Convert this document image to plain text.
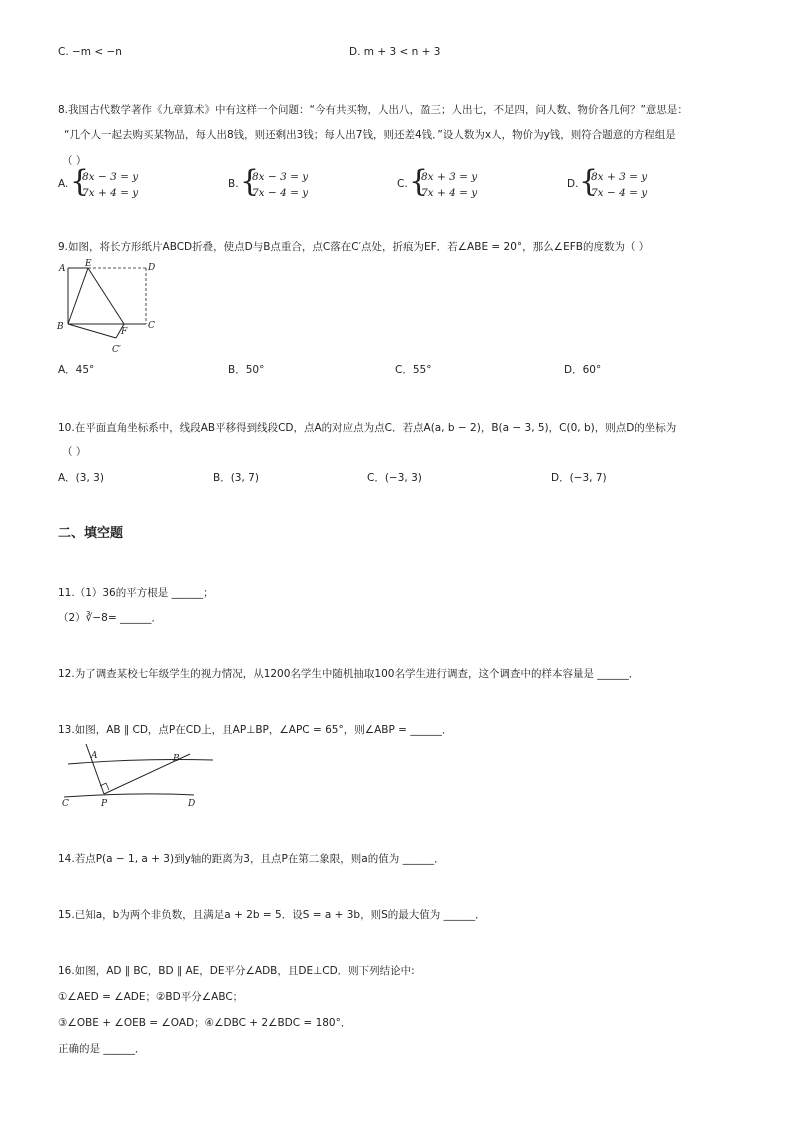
C. −m < −n	D. m + 3 < n + 3
8.我国古代数学著作《九章算术》中有这样一个问题：“今有共买物，人出八，盈三；人出七，不足四，问人数、物价各几何？”意思是：
“几个人一起去购买某物品，每人出8钱，则还剩出3钱；每人出7钱，则还差4钱．”设人数为x人，物价为y钱，则符合题意的方程组是
（ ）
A. {
8x − 3 = y
7x + 4 = y
B. {
8x − 3 = y
7x − 4 = y
C. {
8x + 3 = y
7x + 4 = y
D. {
8x + 3 = y
7x − 4 = y
9.如图，将长方形纸片ABCD折叠，使点D与B点重合，点C落在C′点处，折痕为EF．若∠ABE = 20°，那么∠EFB的度数为（ ）
A E	D
B	F
C
C′
A．45°	B．50°	C．55°	D．60°
10.在平面直角坐标系中，线段AB平移得到线段CD，点A的对应点为点C．若点A(a, b − 2)，B(a − 3, 5)，C(0, b)，则点D的坐标为
（ ）
A．(3, 3)	B．(3, 7)	C．(−3, 3)	D．(−3, 7)
二、填空题
11.（1）36的平方根是 ______；
（2）∛−8= ______．
12.为了调查某校七年级学生的视力情况，从1200名学生中随机抽取100名学生进行调查，这个调查中的样本容量是 ______．
13.如图，AB ∥ CD，点P在CD上，且AP⊥BP，∠APC = 65°，则∠ABP = ______．
A	B
C	P	D
14.若点P(a − 1, a + 3)到y轴的距离为3，且点P在第二象限，则a的值为 ______．
15.已知a，b为两个非负数，且满足a + 2b = 5．设S = a + 3b，则S的最大值为 ______．
16.如图，AD ∥ BC，BD ∥ AE，DE平分∠ADB，且DE⊥CD．则下列结论中:
①∠AED = ∠ADE；②BD平分∠ABC；
③∠OBE + ∠OEB = ∠OAD；④∠DBC + 2∠BDC = 180°．
正确的是 ______．
